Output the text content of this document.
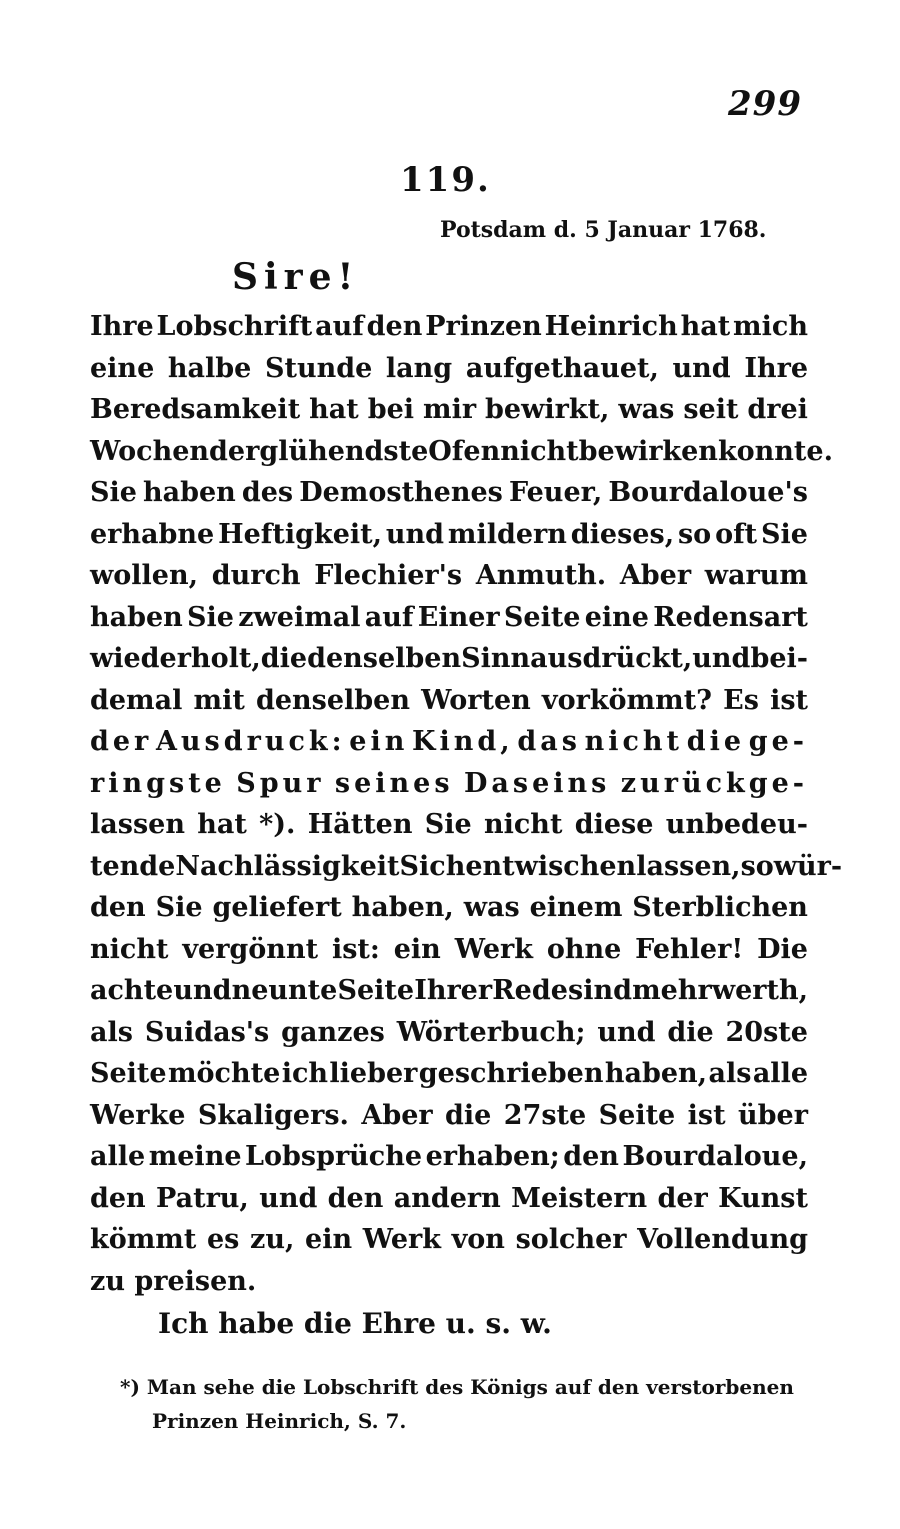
299
119.
Potsdam d. 5 Januar 1768.
Sire!
Ihre Lobschrift auf den Prinzen Heinrich hat mich
eine halbe Stunde lang aufgethauet, und Ihre
Beredsamkeit hat bei mir bewirkt, was seit drei
Wochen der glühendste Ofen nicht bewirken konnte.
Sie haben des Demosthenes Feuer, Bourdaloue's
erhabne Heftigkeit, und mildern dieses, so oft Sie
wollen, durch Flechier's Anmuth. Aber warum
haben Sie zweimal auf Einer Seite eine Redensart
wiederholt, die denselben Sinn ausdrückt, und bei-
demal mit denselben Worten vorkömmt? Es ist
der Ausdruck: ein Kind, das nicht die ge-
ringste Spur seines Daseins zurückge-
lassen hat *). Hätten Sie nicht diese unbedeu-
tende Nachlässigkeit Sich entwischen lassen, so wür-
den Sie geliefert haben, was einem Sterblichen
nicht vergönnt ist: ein Werk ohne Fehler! Die
achte und neunte Seite Ihrer Rede sind mehr werth,
als Suidas's ganzes Wörterbuch; und die 20ste
Seite möchte ich lieber geschrieben haben, als alle
Werke Skaligers. Aber die 27ste Seite ist über
alle meine Lobsprüche erhaben; den Bourdaloue,
den Patru, und den andern Meistern der Kunst
kömmt es zu, ein Werk von solcher Vollendung
zu preisen.
Ich habe die Ehre u. s. w.
*) Man sehe die Lobschrift des Königs auf den verstorbenen
Prinzen Heinrich, S. 7.
